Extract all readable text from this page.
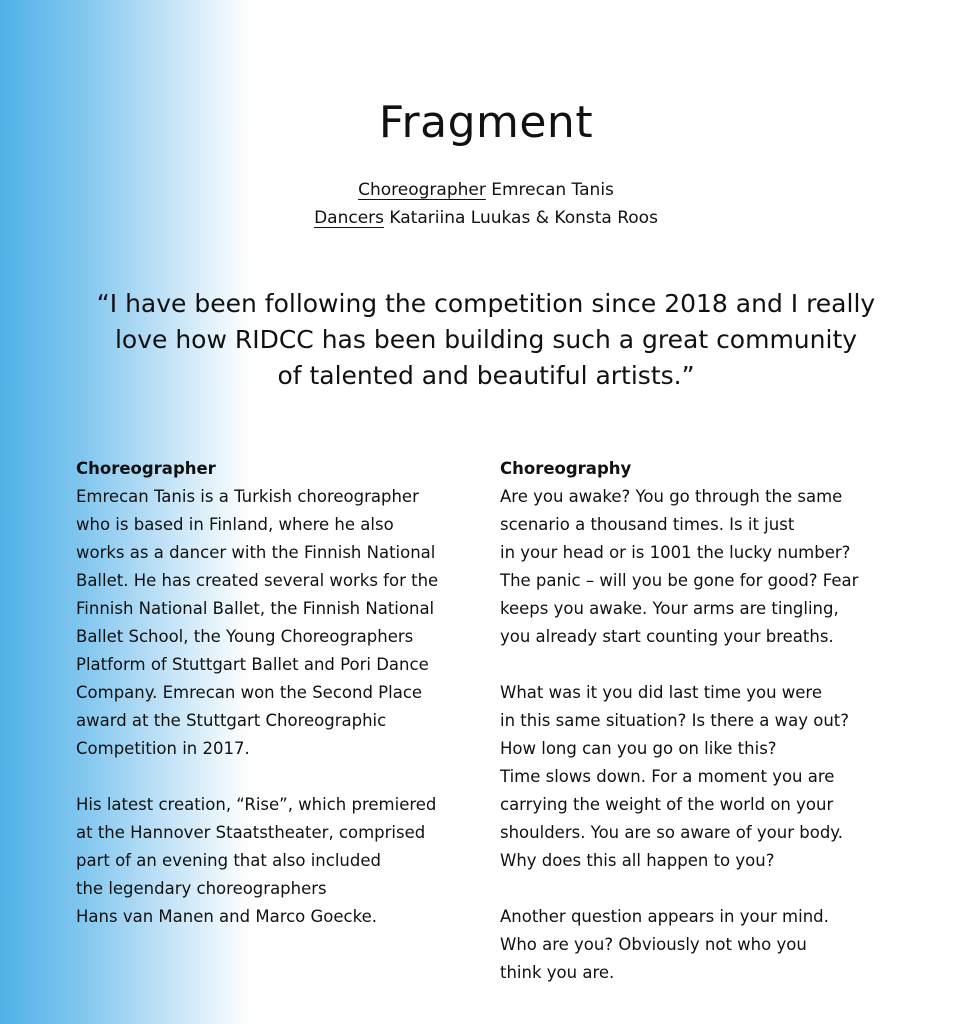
Fragment
Choreographer Emrecan Tanis
Dancers Katariina Luukas & Konsta Roos
“I have been following the competition since 2018 and I really
love how RIDCC has been building such a great community
of talented and beautiful artists.”
Choreographer
Emrecan Tanis is a Turkish choreographer
who is based in Finland, where he also
works as a dancer with the Finnish National
Ballet. He has created several works for the
Finnish National Ballet, the Finnish National
Ballet School, the Young Choreographers
Platform of Stuttgart Ballet and Pori Dance
Company. Emrecan won the Second Place
award at the Stuttgart Choreographic
Competition in 2017.
His latest creation, “Rise”, which premiered
at the Hannover Staatstheater, comprised
part of an evening that also included
the legendary choreographers
Hans van Manen and Marco Goecke.
Choreography
Are you awake? You go through the same
scenario a thousand times. Is it just
in your head or is 1001 the lucky number?
The panic – will you be gone for good? Fear
keeps you awake. Your arms are tingling,
you already start counting your breaths.
What was it you did last time you were
in this same situation? Is there a way out?
How long can you go on like this?
Time slows down. For a moment you are
carrying the weight of the world on your
shoulders. You are so aware of your body.
Why does this all happen to you?
Another question appears in your mind.
Who are you? Obviously not who you
think you are.
